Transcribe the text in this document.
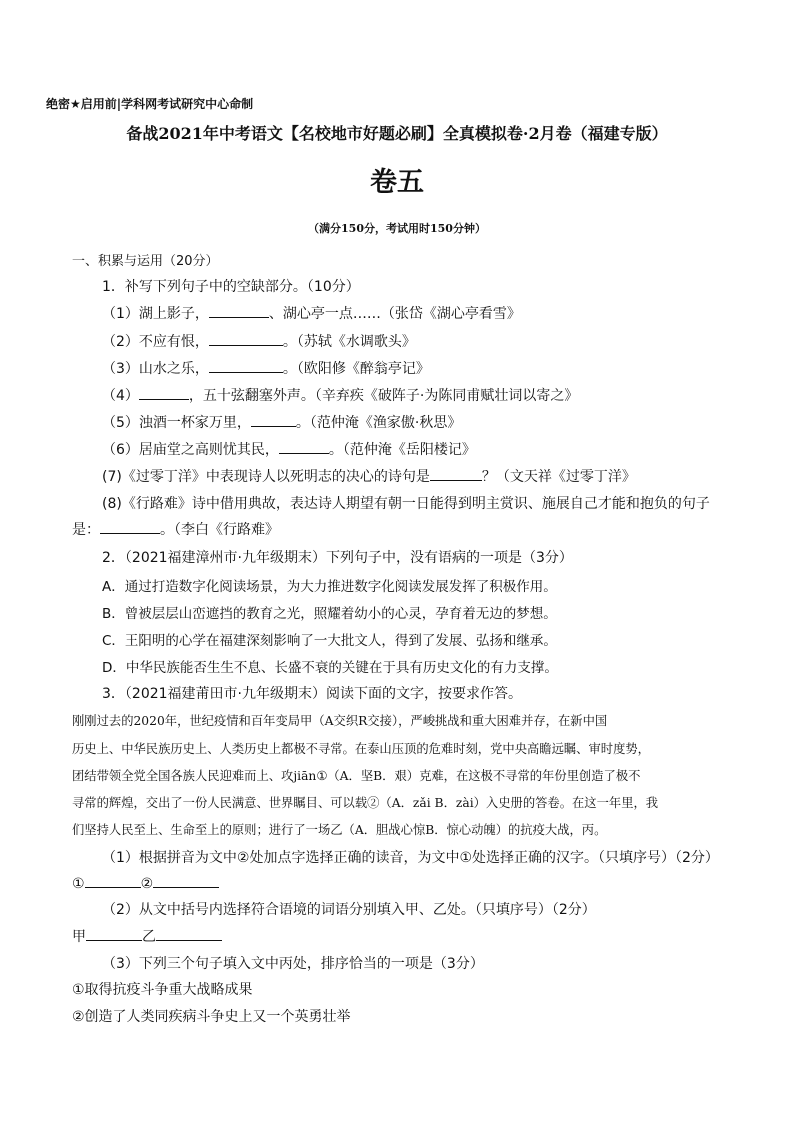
绝密★启用前|学科网考试研究中心命制
备战2021年中考语文【名校地市好题必刷】全真模拟卷·2月卷（福建专版）
卷五
（满分150分，考试用时150分钟）
一、积累与运用（20分）
1．补写下列句子中的空缺部分。（10分）
（1）湖上影子，	、湖心亭一点……（张岱《湖心亭看雪》
（2）不应有恨，	。（苏轼《水调歌头》
（3）山水之乐，	。（欧阳修《醉翁亭记》
（4）	，五十弦翻塞外声。（辛弃疾《破阵子·为陈同甫赋壮词以寄之》
（5）浊酒一杯家万里，	。（范仲淹《渔家傲·秋思》
（6）居庙堂之高则忧其民，	。（范仲淹《岳阳楼记》
(7)《过零丁洋》中表现诗人以死明志的决心的诗句是	？（文天祥《过零丁洋》
(8)《行路难》诗中借用典故，表达诗人期望有朝一日能得到明主赏识、施展自己才能和抱负的句子
是：	。（李白《行路难》
2．（2021福建漳州市·九年级期末）下列句子中，没有语病的一项是（3分）
A．通过打造数字化阅读场景，为大力推进数字化阅读发展发挥了积极作用。
B．曾被层层山峦遮挡的教育之光，照耀着幼小的心灵，孕育着无边的梦想。
C．王阳明的心学在福建深刻影响了一大批文人，得到了发展、弘扬和继承。
D．中华民族能否生生不息、长盛不衰的关键在于具有历史文化的有力支撑。
3．（2021福建莆田市·九年级期末）阅读下面的文字，按要求作答。
刚刚过去的2020年，世纪疫情和百年变局甲（A交织R交接），严峻挑战和重大困难并存，在新中国
历史上、中华民族历史上、人类历史上都极不寻常。在泰山压顶的危难时刻，党中央高瞻远瞩、审时度势，
团结带领全党全国各族人民迎难而上、攻jiān①（A．坚B．艰）克难，在这极不寻常的年份里创造了极不
寻常的辉煌，交出了一份人民满意、世界瞩目、可以载②（A．zǎi B．zài）入史册的答卷。在这一年里，我
们坚持人民至上、生命至上的原则；进行了一场乙（A．胆战心惊B．惊心动魄）的抗疫大战，丙。
（1）根据拼音为文中②处加点字选择正确的读音，为文中①处选择正确的汉字。（只填序号）（2分）
①	②
（2）从文中括号内选择符合语境的词语分别填入甲、乙处。（只填序号）（2分）
甲	乙
（3）下列三个句子填入文中丙处，排序恰当的一项是（3分）
①取得抗疫斗争重大战略成果
②创造了人类同疾病斗争史上又一个英勇壮举
